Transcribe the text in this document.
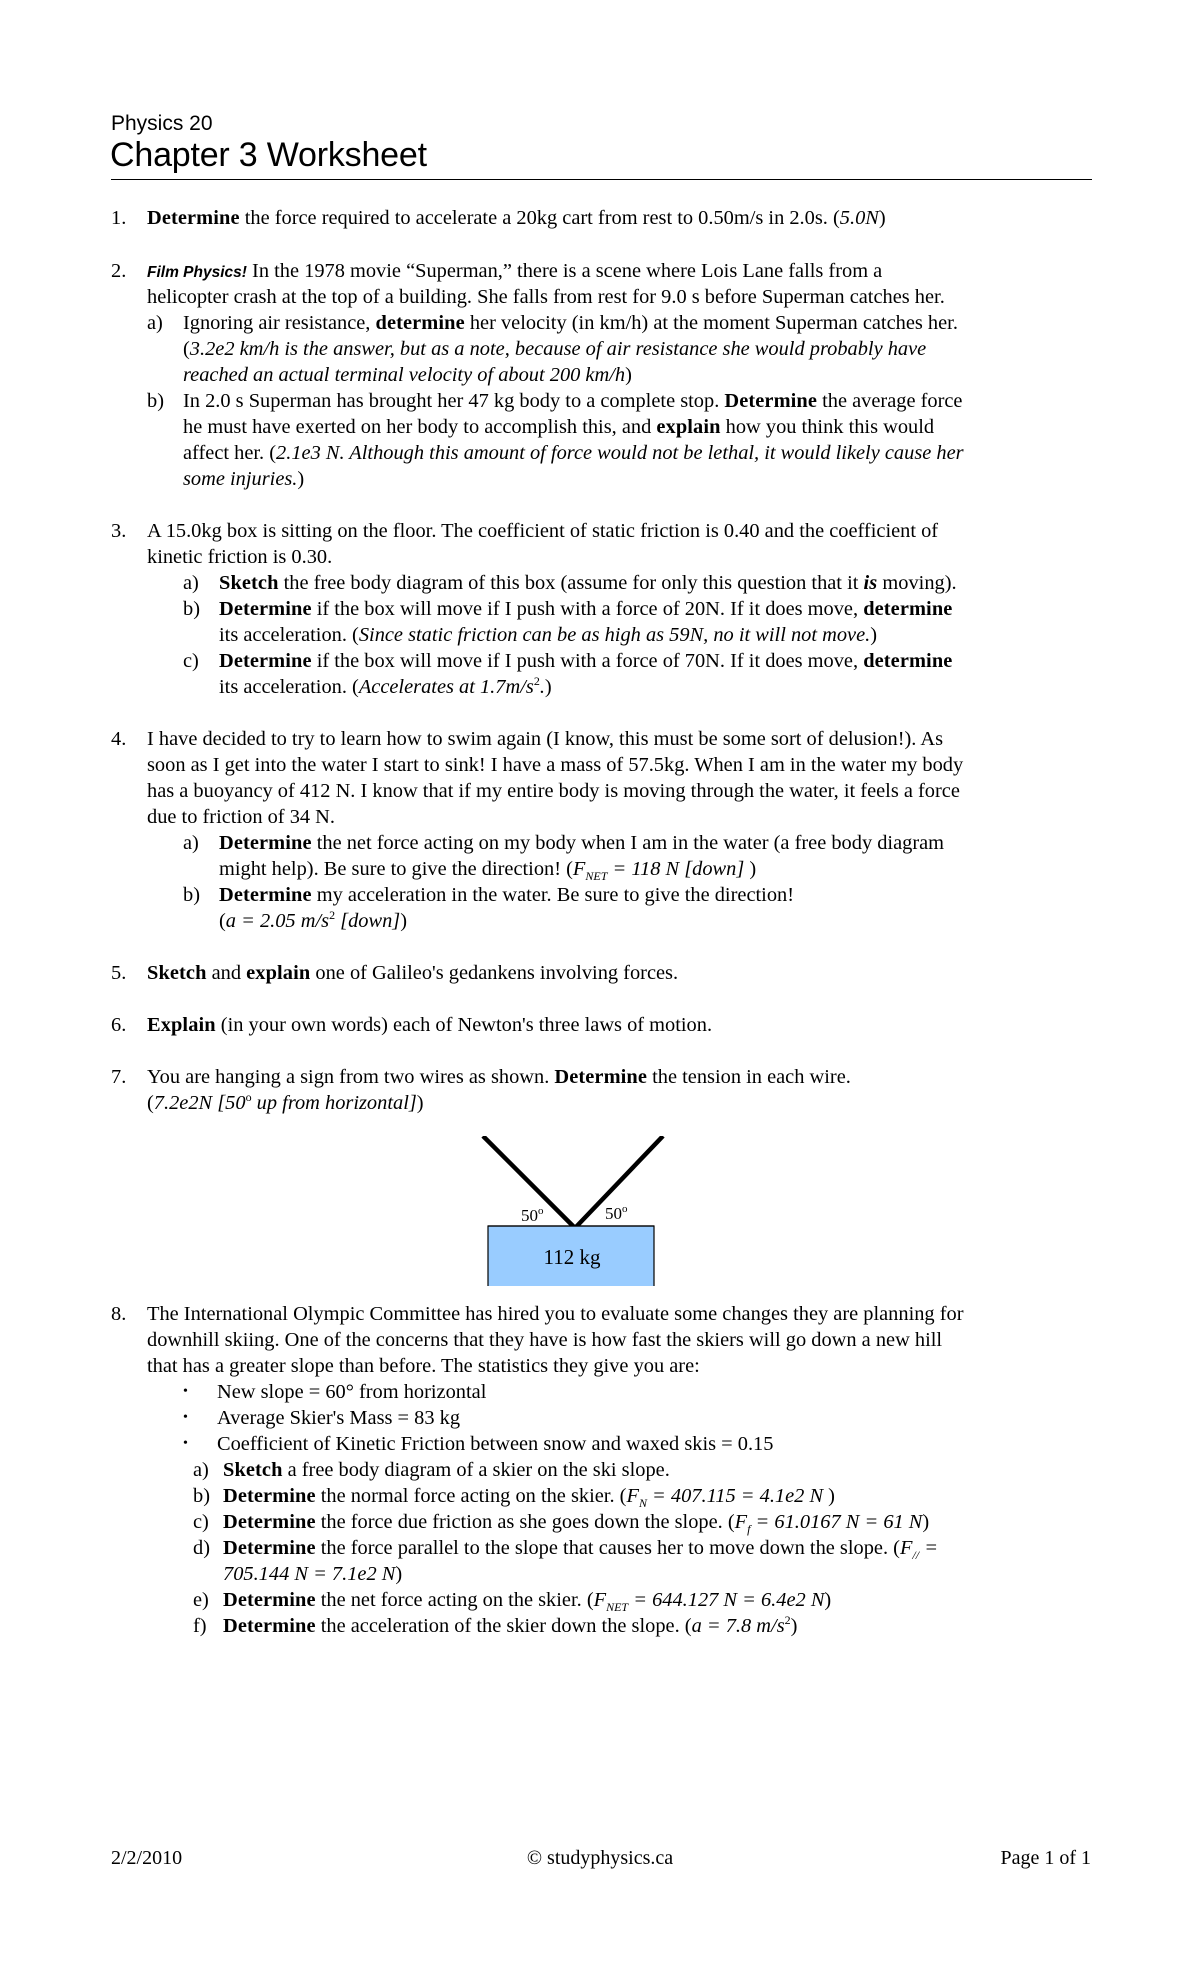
Physics 20
Chapter 3 Worksheet
1. Determine the force required to accelerate a 20kg cart from rest to 0.50m/s in 2.0s. (5.0N)
2. Film Physics! In the 1978 movie “Superman,” there is a scene where Lois Lane falls from a
helicopter crash at the top of a building. She falls from rest for 9.0 s before Superman catches her.
a) Ignoring air resistance, determine her velocity (in km/h) at the moment Superman catches her.
(3.2e2 km/h is the answer, but as a note, because of air resistance she would probably have
reached an actual terminal velocity of about 200 km/h)
b) In 2.0 s Superman has brought her 47 kg body to a complete stop. Determine the average force
he must have exerted on her body to accomplish this, and explain how you think this would
affect her. (2.1e3 N. Although this amount of force would not be lethal, it would likely cause her
some injuries.)
3. A 15.0kg box is sitting on the floor. The coefficient of static friction is 0.40 and the coefficient of
kinetic friction is 0.30.
a) Sketch the free body diagram of this box (assume for only this question that it is moving).
b) Determine if the box will move if I push with a force of 20N. If it does move, determine
its acceleration. (Since static friction can be as high as 59N, no it will not move.)
c) Determine if the box will move if I push with a force of 70N. If it does move, determine
its acceleration. (Accelerates at $1.7m/s^2$.)
4. I have decided to try to learn how to swim again (I know, this must be some sort of delusion!). As
soon as I get into the water I start to sink! I have a mass of 57.5kg. When I am in the water my body
has a buoyancy of 412 N. I know that if my entire body is moving through the water, it feels a force
due to friction of 34 N.
a) Determine the net force acting on my body when I am in the water (a free body diagram
might help). Be sure to give the direction! ($F_{NET} = 118$ N [down] )
b) Determine my acceleration in the water. Be sure to give the direction!
(a = 2.05 $m/s^2$ [down])
5. Sketch and explain one of Galileo's gedankens involving forces.
6. Explain (in your own words) each of Newton's three laws of motion.
7. You are hanging a sign from two wires as shown. Determine the tension in each wire.
(7.2e2N [50$^o$ up from horizontal])
50$^o$	50$^o$
112 kg
8. The International Olympic Committee has hired you to evaluate some changes they are planning for
downhill skiing. One of the concerns that they have is how fast the skiers will go down a new hill
that has a greater slope than before. The statistics they give you are:
• New slope = 60° from horizontal
• Average Skier's Mass = 83 kg
• Coefficient of Kinetic Friction between snow and waxed skis = 0.15
a) Sketch a free body diagram of a skier on the ski slope.
b) Determine the normal force acting on the skier. ($F_N = 407.115 = 4.1e2$ N )
c) Determine the force due friction as she goes down the slope. ($F_f = 61.0167$ N = 61 N)
d) Determine the force parallel to the slope that causes her to move down the slope. ($F_{//}$ =
705.144 N = 7.1e2 N)
e) Determine the net force acting on the skier. ($F_{NET} = 644.127$ N = 6.4e2 N)
f) Determine the acceleration of the skier down the slope. (a = 7.8 $m/s^2$)
2/2/2010	© studyphysics.ca	Page 1 of 1
